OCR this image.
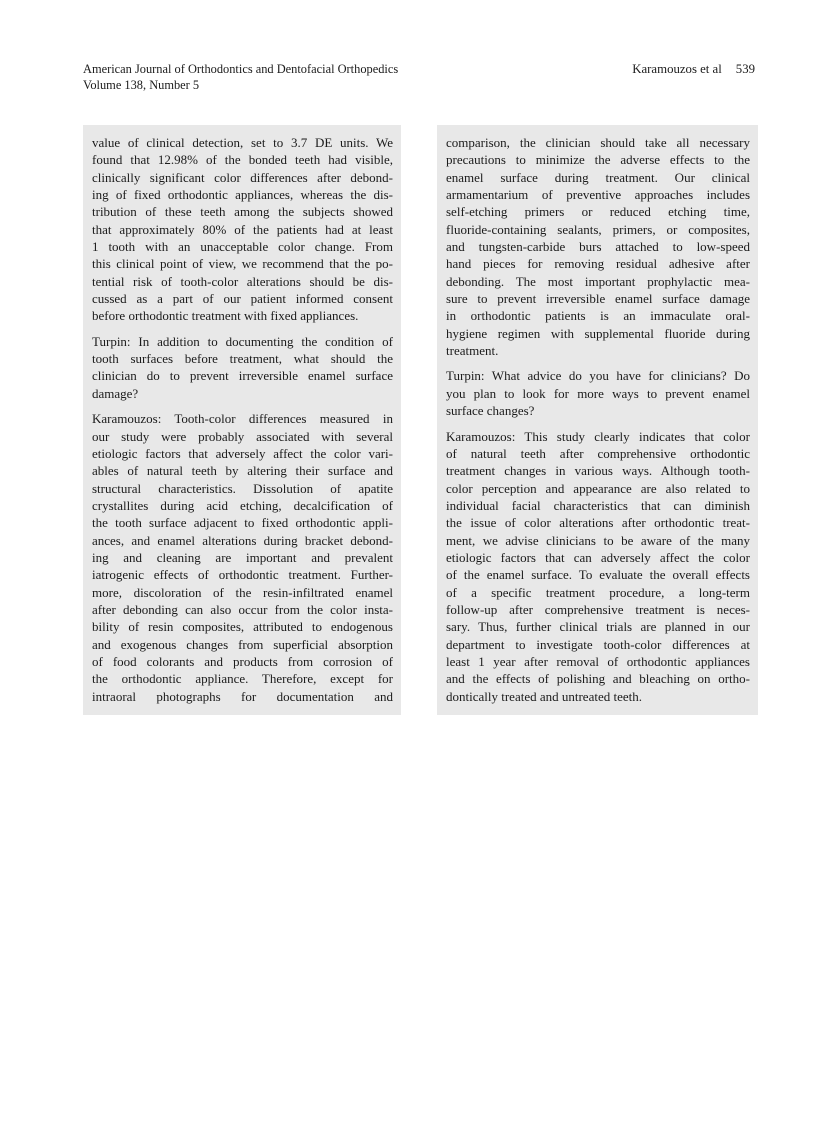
American Journal of Orthodontics and Dentofacial Orthopedics
Volume 138, Number 5
Karamouzos et al 539

value of clinical detection, set to 3.7 DE units. We
found that 12.98% of the bonded teeth had visible,
clinically significant color differences after debond-
ing of fixed orthodontic appliances, whereas the dis-
tribution of these teeth among the subjects showed
that approximately 80% of the patients had at least
1 tooth with an unacceptable color change. From
this clinical point of view, we recommend that the po-
tential risk of tooth-color alterations should be dis-
cussed as a part of our patient informed consent
before orthodontic treatment with fixed appliances.

Turpin: In addition to documenting the condition of
tooth surfaces before treatment, what should the
clinician do to prevent irreversible enamel surface
damage?

Karamouzos: Tooth-color differences measured in
our study were probably associated with several
etiologic factors that adversely affect the color vari-
ables of natural teeth by altering their surface and
structural characteristics. Dissolution of apatite
crystallites during acid etching, decalcification of
the tooth surface adjacent to fixed orthodontic appli-
ances, and enamel alterations during bracket debond-
ing and cleaning are important and prevalent
iatrogenic effects of orthodontic treatment. Further-
more, discoloration of the resin-infiltrated enamel
after debonding can also occur from the color insta-
bility of resin composites, attributed to endogenous
and exogenous changes from superficial absorption
of food colorants and products from corrosion of
the orthodontic appliance. Therefore, except for
intraoral photographs for documentation and

comparison, the clinician should take all necessary
precautions to minimize the adverse effects to the
enamel surface during treatment. Our clinical
armamentarium of preventive approaches includes
self-etching primers or reduced etching time,
fluoride-containing sealants, primers, or composites,
and tungsten-carbide burs attached to low-speed
hand pieces for removing residual adhesive after
debonding. The most important prophylactic mea-
sure to prevent irreversible enamel surface damage
in orthodontic patients is an immaculate oral-
hygiene regimen with supplemental fluoride during
treatment.

Turpin: What advice do you have for clinicians? Do
you plan to look for more ways to prevent enamel
surface changes?

Karamouzos: This study clearly indicates that color
of natural teeth after comprehensive orthodontic
treatment changes in various ways. Although tooth-
color perception and appearance are also related to
individual facial characteristics that can diminish
the issue of color alterations after orthodontic treat-
ment, we advise clinicians to be aware of the many
etiologic factors that can adversely affect the color
of the enamel surface. To evaluate the overall effects
of a specific treatment procedure, a long-term
follow-up after comprehensive treatment is neces-
sary. Thus, further clinical trials are planned in our
department to investigate tooth-color differences at
least 1 year after removal of orthodontic appliances
and the effects of polishing and bleaching on ortho-
dontically treated and untreated teeth.
